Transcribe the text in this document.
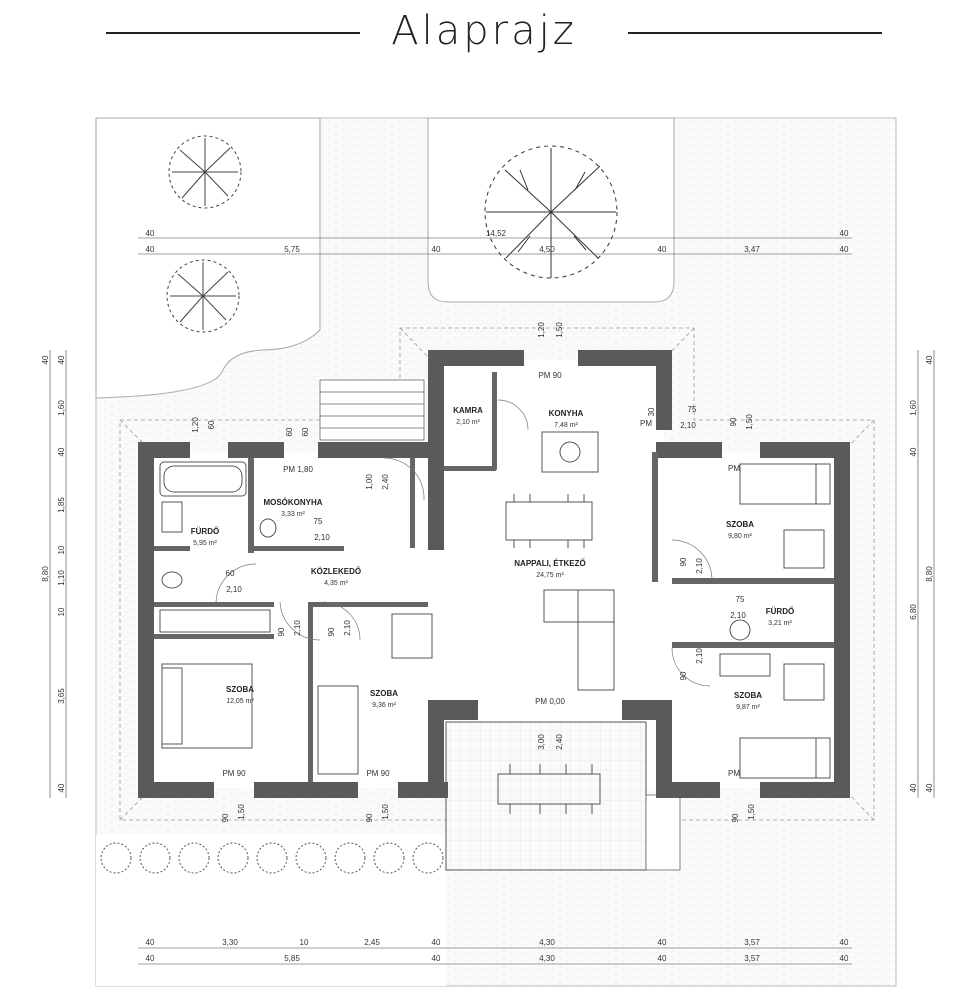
Alaprajz
40	14,52	40
40	5,75	40	4,50	40	3,47	40
40	3,30	10	2,45	40	4,30	40	3,57	40
40	5,85	40	4,30	40	3,57	40
40
1,60
40
1,85
10
1,10
10
3,65
40
40
8,80
40
1,60
40
6,80
40 40
8,80
KAMRA
2,10 m²
KONYHA
7,48 m²
MOSÓKONYHA
3,33 m²
FÜRDŐ
5,95 m²
KÖZLEKEDŐ
4,35 m²
NAPPALI, ÉTKEZŐ
24,75 m²
SZOBA
9,80 m²
FÜRDŐ
3,21 m²
SZOBA
9,87 m²
SZOBA
12,05 m²
SZOBA
9,36 m²
PM 90
1,20 1,50
PM 1,80
1,20 60
60 60
30
PM
75
2,10
75
2,10
1,00 2,40
60
2,10
90 2,10	90 2,10
90 2,10
75
2,10
90
2,10
PM 0,00
3,00 2,40
PM 90	PM 90
PM
PM
90 1,50
90 1,50	90 1,50	90 1,50
